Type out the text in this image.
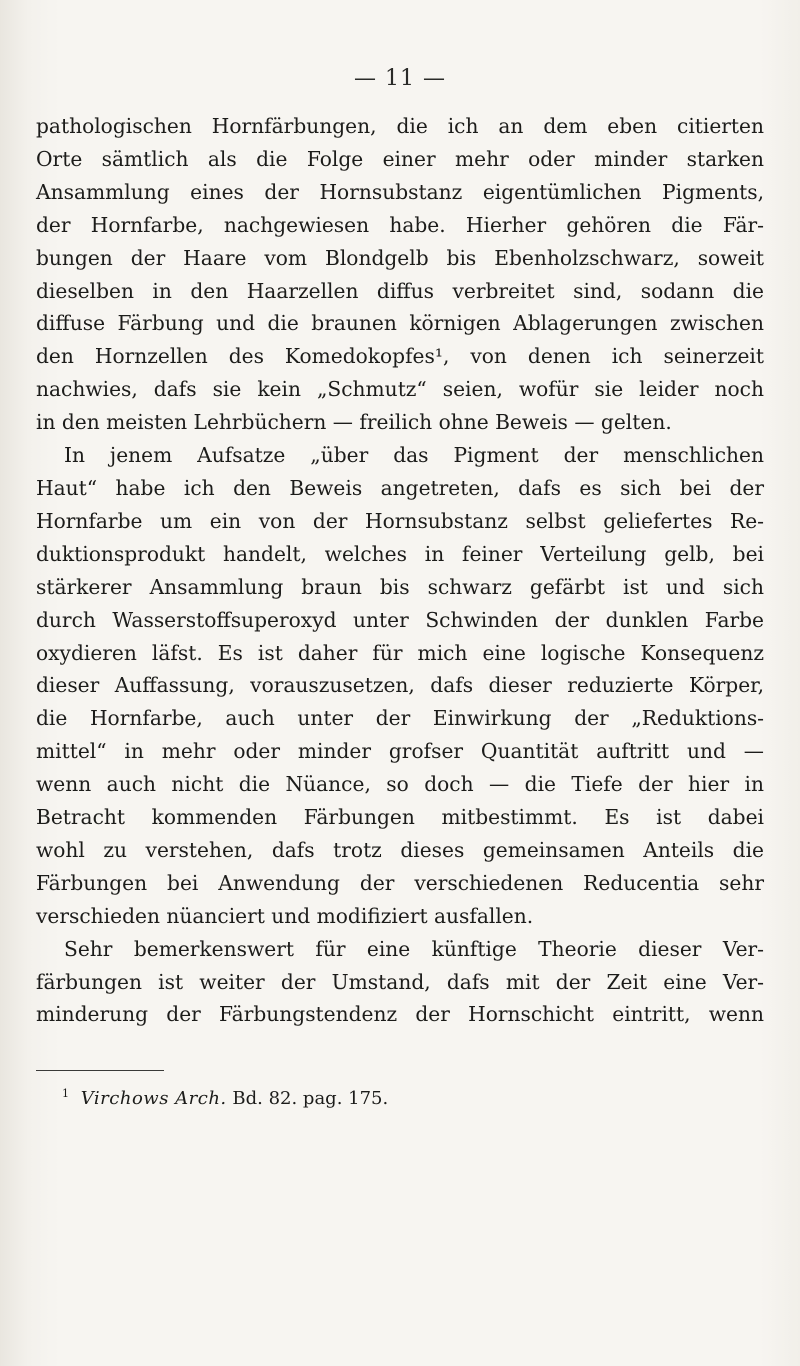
— 11 —
pathologischen Hornfärbungen, die ich an dem eben citierten
Orte sämtlich als die Folge einer mehr oder minder starken
Ansammlung eines der Hornsubstanz eigentümlichen Pigments,
der Hornfarbe, nachgewiesen habe. Hierher gehören die Fär-
bungen der Haare vom Blondgelb bis Ebenholzschwarz, soweit
dieselben in den Haarzellen diffus verbreitet sind, sodann die
diffuse Färbung und die braunen körnigen Ablagerungen zwischen
den Hornzellen des Komedokopfes¹, von denen ich seinerzeit
nachwies, dafs sie kein „Schmutz“ seien, wofür sie leider noch
in den meisten Lehrbüchern — freilich ohne Beweis — gelten.
In jenem Aufsatze „über das Pigment der menschlichen
Haut“ habe ich den Beweis angetreten, dafs es sich bei der
Hornfarbe um ein von der Hornsubstanz selbst geliefertes Re-
duktionsprodukt handelt, welches in feiner Verteilung gelb, bei
stärkerer Ansammlung braun bis schwarz gefärbt ist und sich
durch Wasserstoffsuperoxyd unter Schwinden der dunklen Farbe
oxydieren läfst. Es ist daher für mich eine logische Konsequenz
dieser Auffassung, vorauszusetzen, dafs dieser reduzierte Körper,
die Hornfarbe, auch unter der Einwirkung der „Reduktions-
mittel“ in mehr oder minder grofser Quantität auftritt und —
wenn auch nicht die Nüance, so doch — die Tiefe der hier in
Betracht kommenden Färbungen mitbestimmt. Es ist dabei
wohl zu verstehen, dafs trotz dieses gemeinsamen Anteils die
Färbungen bei Anwendung der verschiedenen Reducentia sehr
verschieden nüanciert und modifiziert ausfallen.
Sehr bemerkenswert für eine künftige Theorie dieser Ver-
färbungen ist weiter der Umstand, dafs mit der Zeit eine Ver-
minderung der Färbungstendenz der Hornschicht eintritt, wenn
$^1$ Virchows Arch. Bd. 82. pag. 175.
